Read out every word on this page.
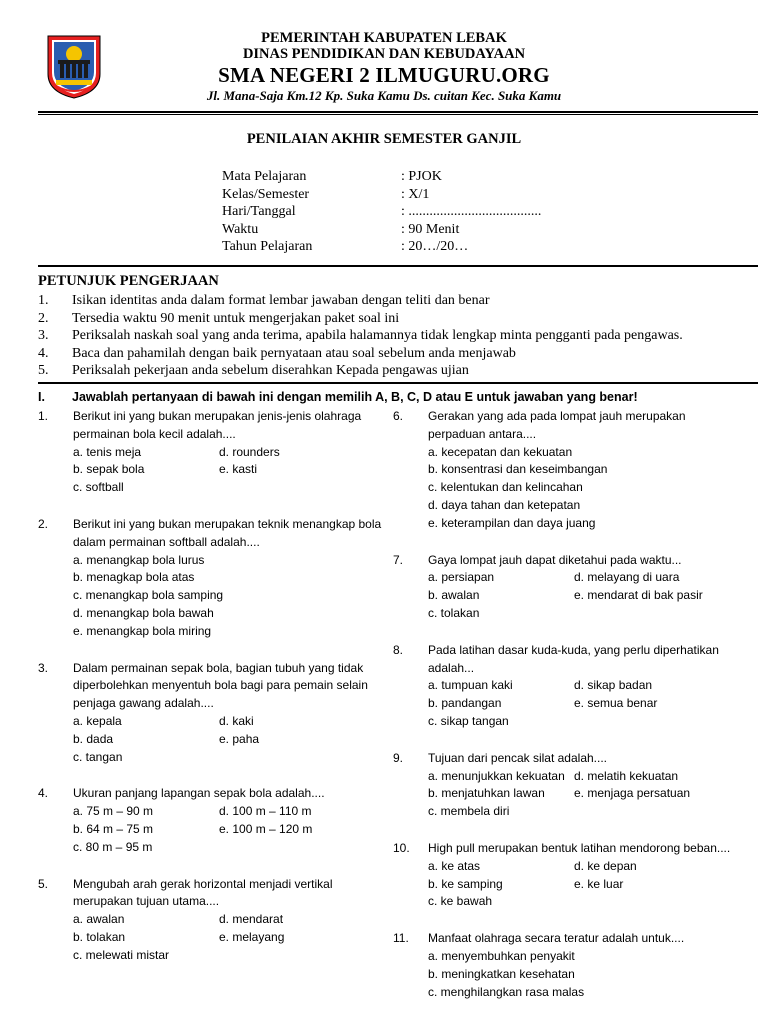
PEMERINTAH KABUPATEN LEBAK
DINAS PENDIDIKAN DAN KEBUDAYAAN
SMA NEGERI 2 ILMUGURU.ORG
Jl. Mana-Saja Km.12 Kp. Suka Kamu Ds. cuitan Kec. Suka Kamu
PENILAIAN AKHIR SEMESTER GANJIL
Mata Pelajaran	: PJOK
Kelas/Semester	: X/1
Hari/Tanggal	: ......................................
Waktu	: 90 Menit
Tahun Pelajaran	: 20…/20…
PETUNJUK PENGERJAAN
1. Isikan identitas anda dalam format lembar jawaban dengan teliti dan benar
2. Tersedia waktu 90 menit untuk mengerjakan paket soal ini
3. Periksalah naskah soal yang anda terima, apabila halamannya tidak lengkap minta pengganti pada pengawas.
4. Baca dan pahamilah dengan baik pernyataan atau soal sebelum anda menjawab
5. Periksalah pekerjaan anda sebelum diserahkan Kepada pengawas ujian
I. Jawablah pertanyaan di bawah ini dengan memilih A, B, C, D atau E untuk jawaban yang benar!
1. Berikut ini yang bukan merupakan jenis-jenis olahraga
permainan bola kecil adalah....
a. tenis meja	d. rounders
b. sepak bola	e. kasti
c. softball
2. Berikut ini yang bukan merupakan teknik menangkap bola
dalam permainan softball adalah....
a. menangkap bola lurus
b. menagkap bola atas
c. menangkap bola samping
d. menangkap bola bawah
e. menangkap bola miring
3. Dalam permainan sepak bola, bagian tubuh yang tidak
diperbolehkan menyentuh bola bagi para pemain selain
penjaga gawang adalah....
a. kepala	d. kaki
b. dada	e. paha
c. tangan
4. Ukuran panjang lapangan sepak bola adalah....
a. 75 m – 90 m	d. 100 m – 110 m
b. 64 m – 75 m	e. 100 m – 120 m
c. 80 m – 95 m
5. Mengubah arah gerak horizontal menjadi vertikal
merupakan tujuan utama....
a. awalan	d. mendarat
b. tolakan	e. melayang
c. melewati mistar
6. Gerakan yang ada pada lompat jauh merupakan
perpaduan antara....
a. kecepatan dan kekuatan
b. konsentrasi dan keseimbangan
c. kelentukan dan kelincahan
d. daya tahan dan ketepatan
e. keterampilan dan daya juang
7. Gaya lompat jauh dapat diketahui pada waktu...
a. persiapan	d. melayang di uara
b. awalan	e. mendarat di bak pasir
c. tolakan
8. Pada latihan dasar kuda-kuda, yang perlu diperhatikan
adalah...
a. tumpuan kaki	d. sikap badan
b. pandangan	e. semua benar
c. sikap tangan
9. Tujuan dari pencak silat adalah....
a. menunjukkan kekuatan d. melatih kekuatan
b. menjatuhkan lawan e. menjaga persatuan
c. membela diri
10. High pull merupakan bentuk latihan mendorong beban....
a. ke atas	d. ke depan
b. ke samping	e. ke luar
c. ke bawah
11. Manfaat olahraga secara teratur adalah untuk....
a. menyembuhkan penyakit
b. meningkatkan kesehatan
c. menghilangkan rasa malas
